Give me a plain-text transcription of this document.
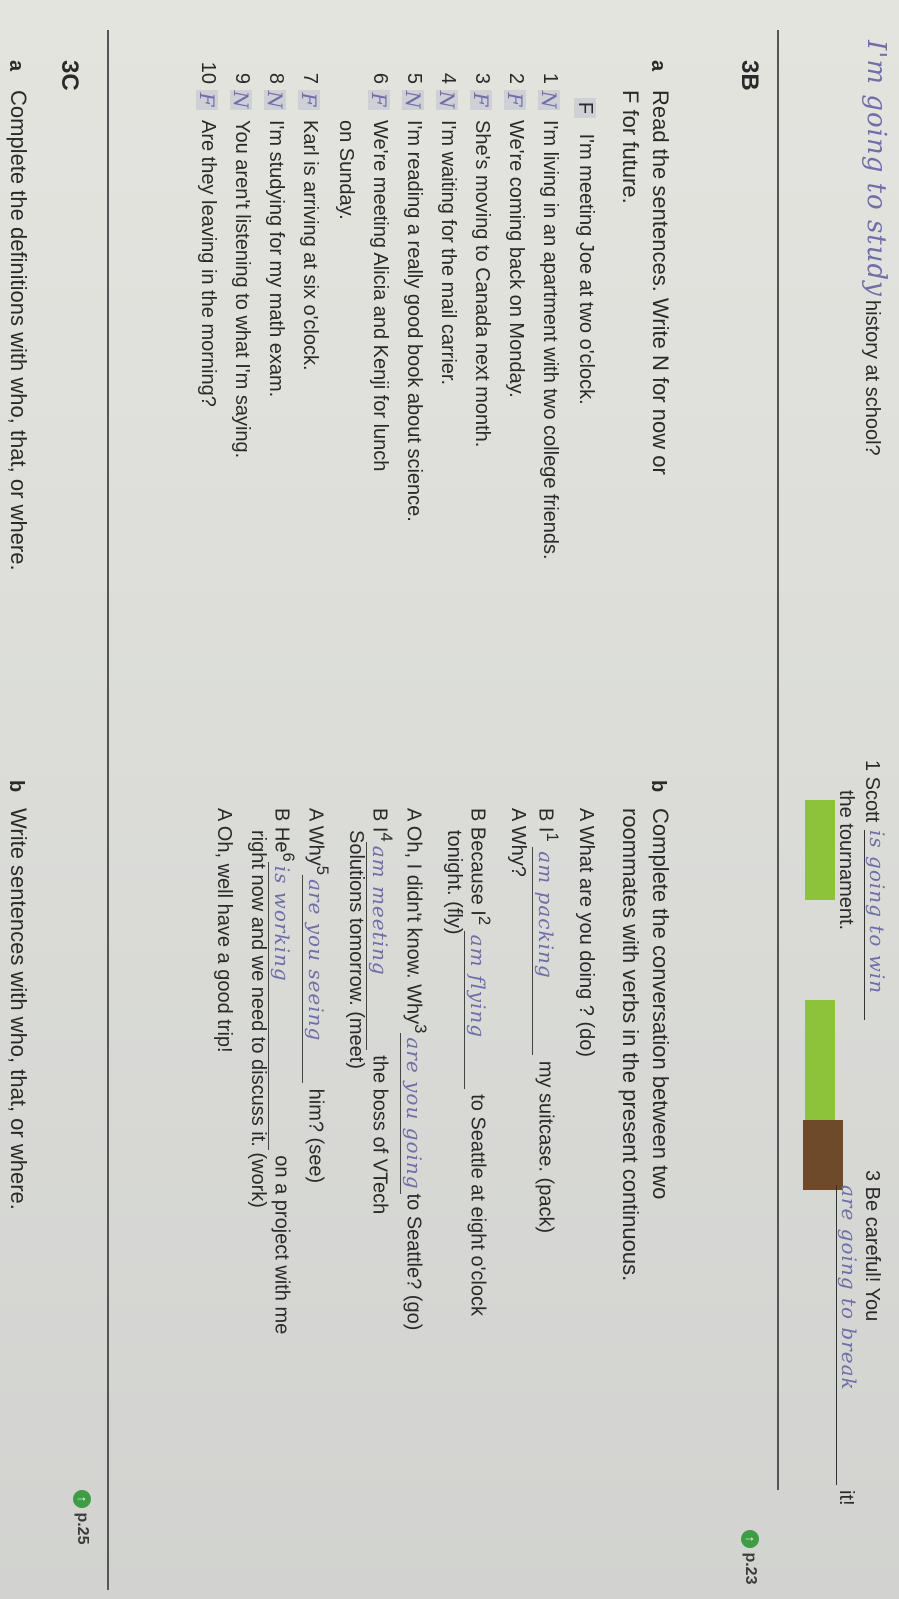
I'm going to study
history at school?
1 Scott
is going to win
the tournament.
3 Be careful! You
are going to break
it!
↑ p.23
3B
a
Read the sentences. Write N for now or
F for future.
F I'm meeting Joe at two o'clock.
1NI'm living in an apartment with two college friends.
2FWe're coming back on Monday.
3FShe's moving to Canada next month.
4NI'm waiting for the mail carrier.
5NI'm reading a really good book about science.
6FWe're meeting Alicia and Kenji for lunch
on Sunday.
7FKarl is arriving at six o'clock.
8NI'm studying for my math exam.
9NYou aren't listening to what I'm saying.
10FAre they leaving in the morning?
b
Complete the conversation between two
roommates with verbs in the present continuous.
A What are you doing ? (do)
B $I^1$ am packing my suitcase. (pack)
A Why?
B Because $I^2$ am flying to Seattle at eight o'clock
tonight. (fly)
A Oh, I didn't know. Why$^3$are you goingto Seattle? (go)
B $I^4am$ meeting the boss of VTech
Solutions tomorrow. (meet)
A Why$^5$are you seeing him? (see)
B He$^6$is working on a project with me
right now and we need to discuss it. (work)
A Oh, well have a good trip!
↑ p.25
3C
a
Complete the definitions with who, that, or where.
b
Write sentences with who, that, or where.
